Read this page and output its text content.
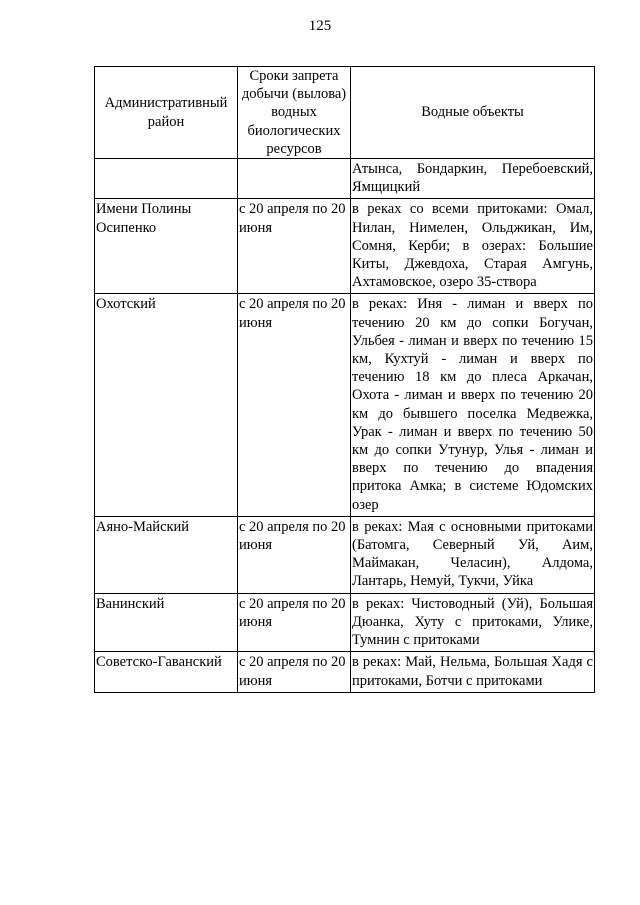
125
Административный район	Сроки запрета добычи (вылова) водных биологических ресурсов	Водные объекты
		Атынса, Бондаркин, Перебоевский, Ямщицкий
Имени Полины Осипенко	с 20 апреля по 20 июня	в реках со всеми притоками: Омал, Нилан, Нимелен, Ольджикан, Им, Сомня, Керби; в озерах: Большие Киты, Джевдоха, Старая Амгунь, Ахтамовское, озеро 35-створа
Охотский	с 20 апреля по 20 июня	в реках: Иня - лиман и вверх по течению 20 км до сопки Богучан, Ульбея - лиман и вверх по течению 15 км, Кухтуй - лиман и вверх по течению 18 км до плеса Аркачан, Охота - лиман и вверх по течению 20 км до бывшего поселка Медвежка, Урак - лиман и вверх по течению 50 км до сопки Утунур, Улья - лиман и вверх по течению до впадения притока Амка; в системе Юдомских озер
Аяно-Майский	с 20 апреля по 20 июня	в реках: Мая с основными притоками (Батомга, Северный Уй, Аим, Маймакан, Челасин), Алдома, Лантарь, Немуй, Тукчи, Уйка
Ванинский	с 20 апреля по 20 июня	в реках: Чистоводный (Уй), Большая Дюанка, Хуту с притоками, Улике, Тумнин с притоками
Советско-Гаванский	с 20 апреля по 20 июня	в реках: Май, Нельма, Большая Хадя с притоками, Ботчи с притоками
